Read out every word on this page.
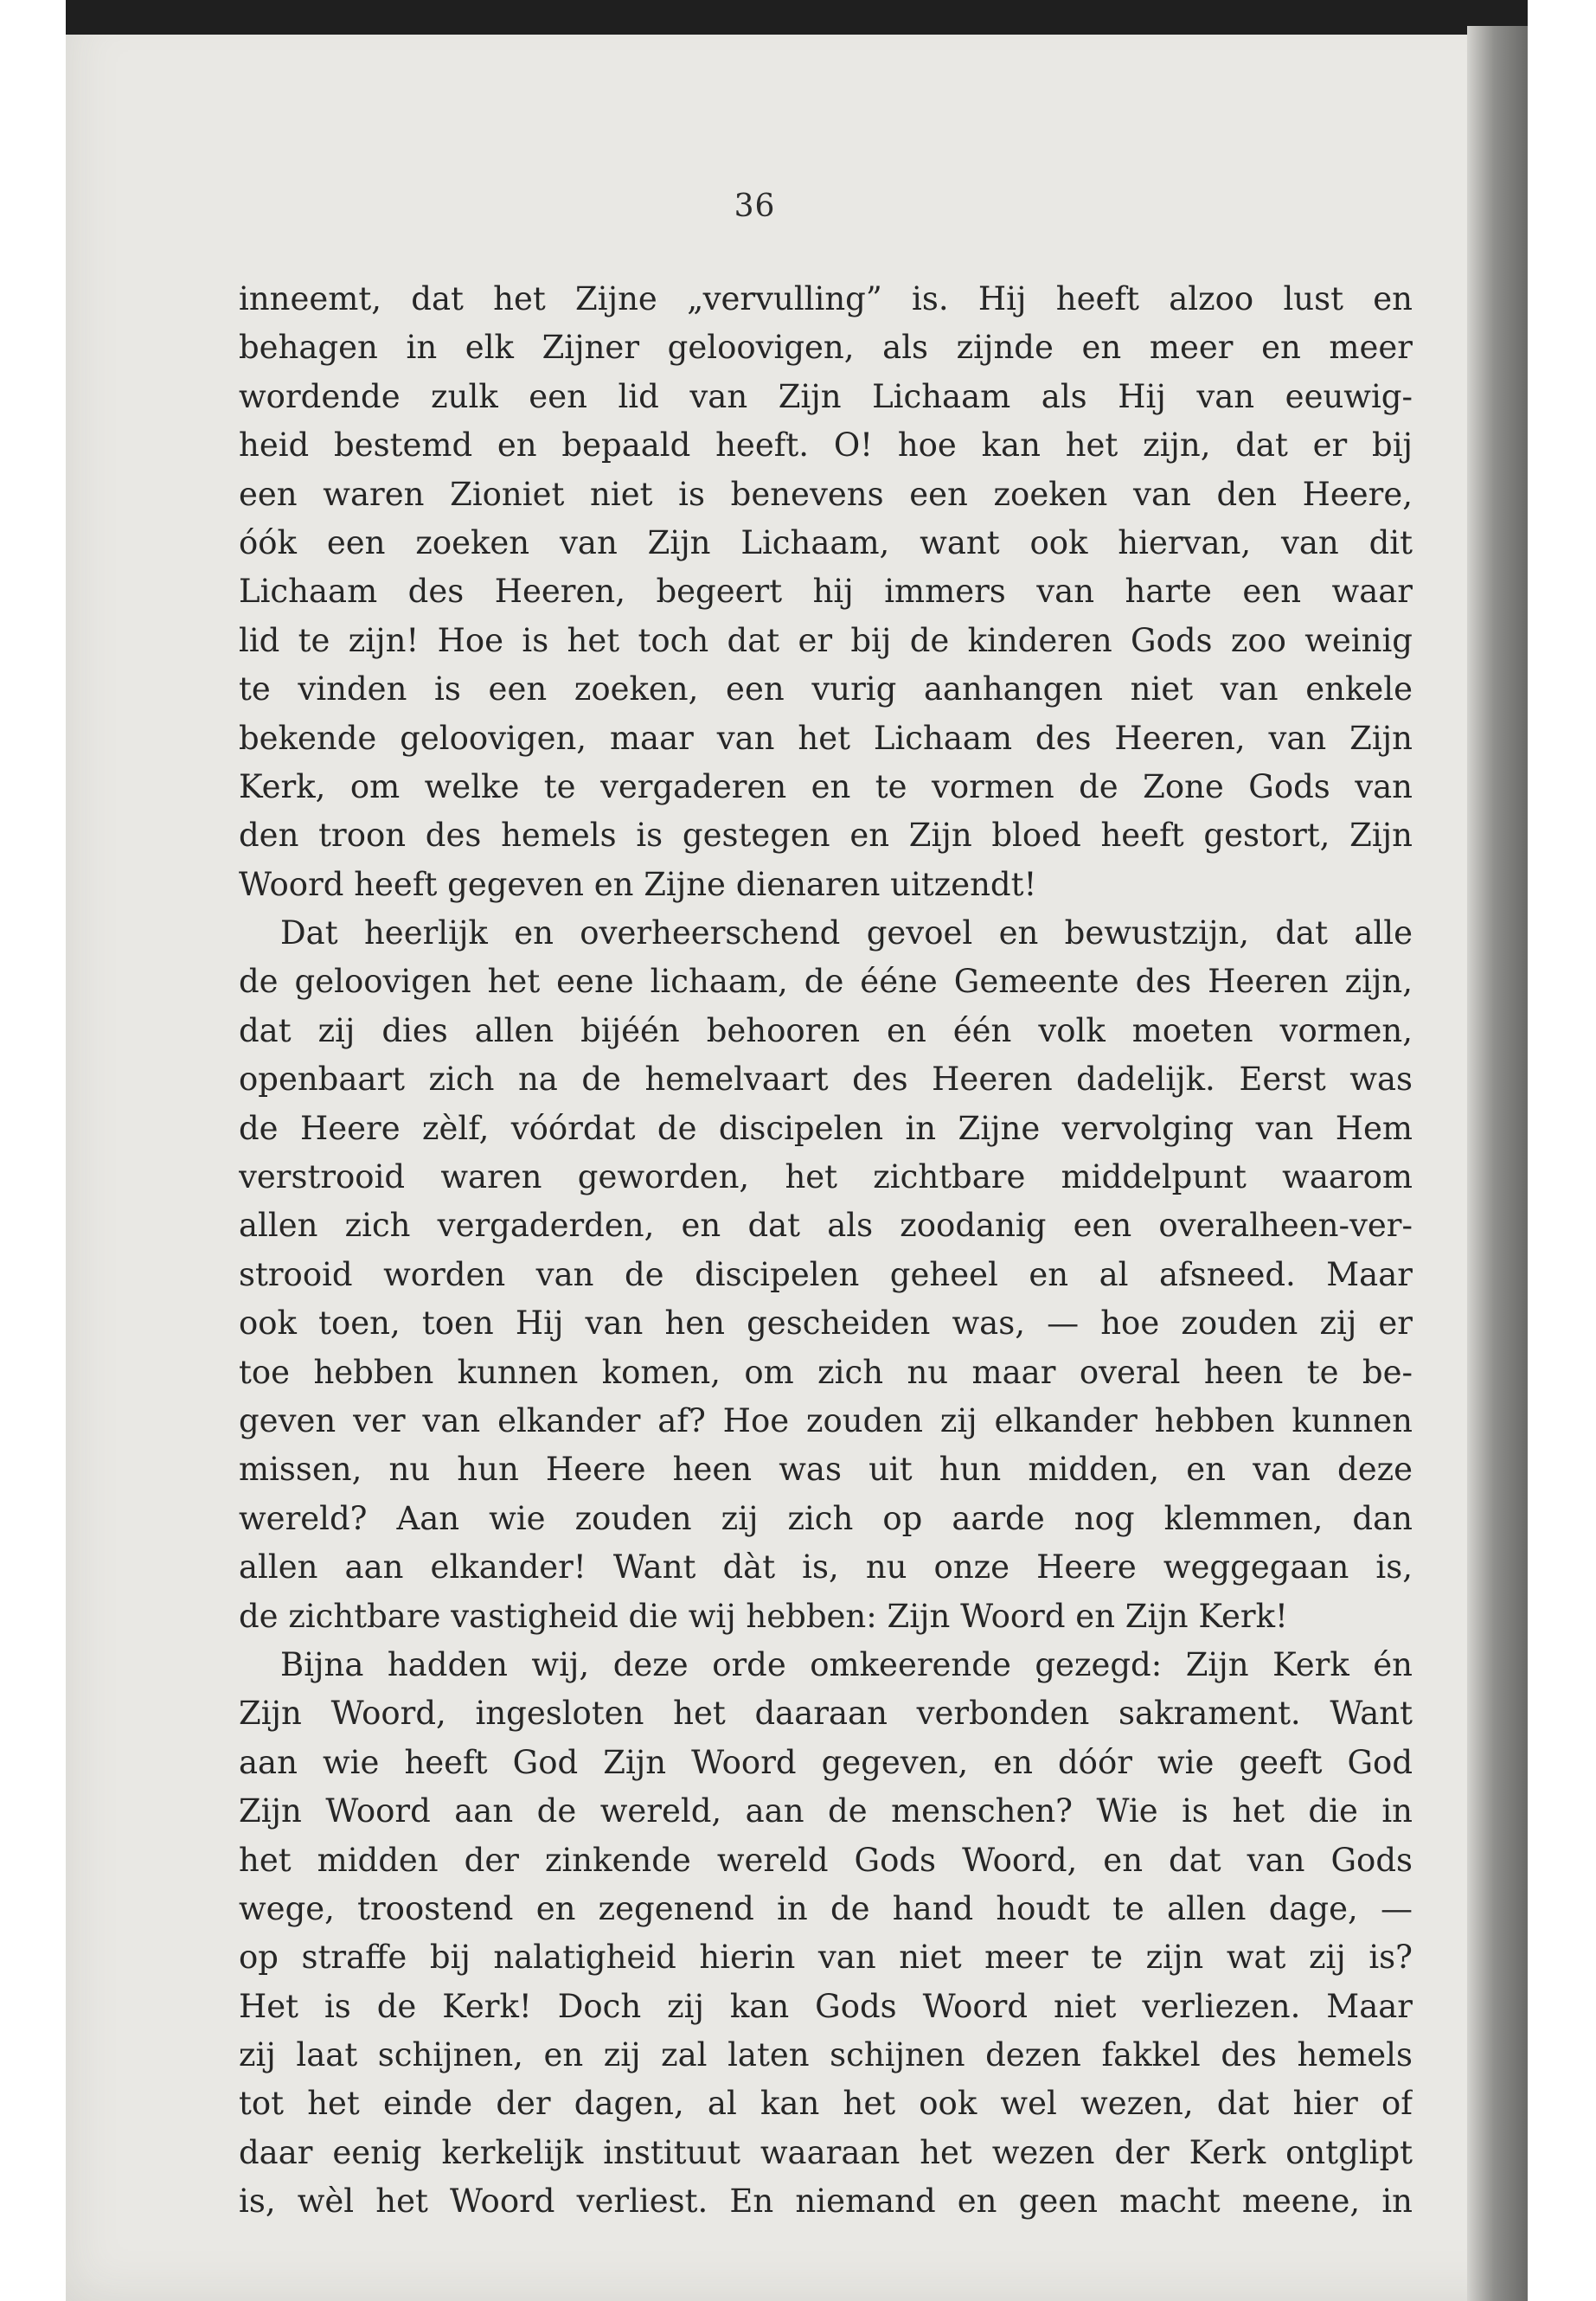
36
inneemt, dat het Zijne „vervulling” is. Hij heeft alzoo lust en
behagen in elk Zijner geloovigen, als zijnde en meer en meer
wordende zulk een lid van Zijn Lichaam als Hij van eeuwig-
heid bestemd en bepaald heeft. O! hoe kan het zijn, dat er bij
een waren Zioniet niet is benevens een zoeken van den Heere,
óók een zoeken van Zijn Lichaam, want ook hiervan, van dit
Lichaam des Heeren, begeert hij immers van harte een waar
lid te zijn! Hoe is het toch dat er bij de kinderen Gods zoo weinig
te vinden is een zoeken, een vurig aanhangen niet van enkele
bekende geloovigen, maar van het Lichaam des Heeren, van Zijn
Kerk, om welke te vergaderen en te vormen de Zone Gods van
den troon des hemels is gestegen en Zijn bloed heeft gestort, Zijn
Woord heeft gegeven en Zijne dienaren uitzendt!
Dat heerlijk en overheerschend gevoel en bewustzijn, dat alle
de geloovigen het eene lichaam, de ééne Gemeente des Heeren zijn,
dat zij dies allen bijéén behooren en één volk moeten vormen,
openbaart zich na de hemelvaart des Heeren dadelijk. Eerst was
de Heere zèlf, vóórdat de discipelen in Zijne vervolging van Hem
verstrooid waren geworden, het zichtbare middelpunt waarom
allen zich vergaderden, en dat als zoodanig een overalheen-ver-
strooid worden van de discipelen geheel en al afsneed. Maar
ook toen, toen Hij van hen gescheiden was, — hoe zouden zij er
toe hebben kunnen komen, om zich nu maar overal heen te be-
geven ver van elkander af? Hoe zouden zij elkander hebben kunnen
missen, nu hun Heere heen was uit hun midden, en van deze
wereld? Aan wie zouden zij zich op aarde nog klemmen, dan
allen aan elkander! Want dàt is, nu onze Heere weggegaan is,
de zichtbare vastigheid die wij hebben: Zijn Woord en Zijn Kerk!
Bijna hadden wij, deze orde omkeerende gezegd: Zijn Kerk én
Zijn Woord, ingesloten het daaraan verbonden sakrament. Want
aan wie heeft God Zijn Woord gegeven, en dóór wie geeft God
Zijn Woord aan de wereld, aan de menschen? Wie is het die in
het midden der zinkende wereld Gods Woord, en dat van Gods
wege, troostend en zegenend in de hand houdt te allen dage, —
op straffe bij nalatigheid hierin van niet meer te zijn wat zij is?
Het is de Kerk! Doch zij kan Gods Woord niet verliezen. Maar
zij laat schijnen, en zij zal laten schijnen dezen fakkel des hemels
tot het einde der dagen, al kan het ook wel wezen, dat hier of
daar eenig kerkelijk instituut waaraan het wezen der Kerk ontglipt
is, wèl het Woord verliest. En niemand en geen macht meene, in
